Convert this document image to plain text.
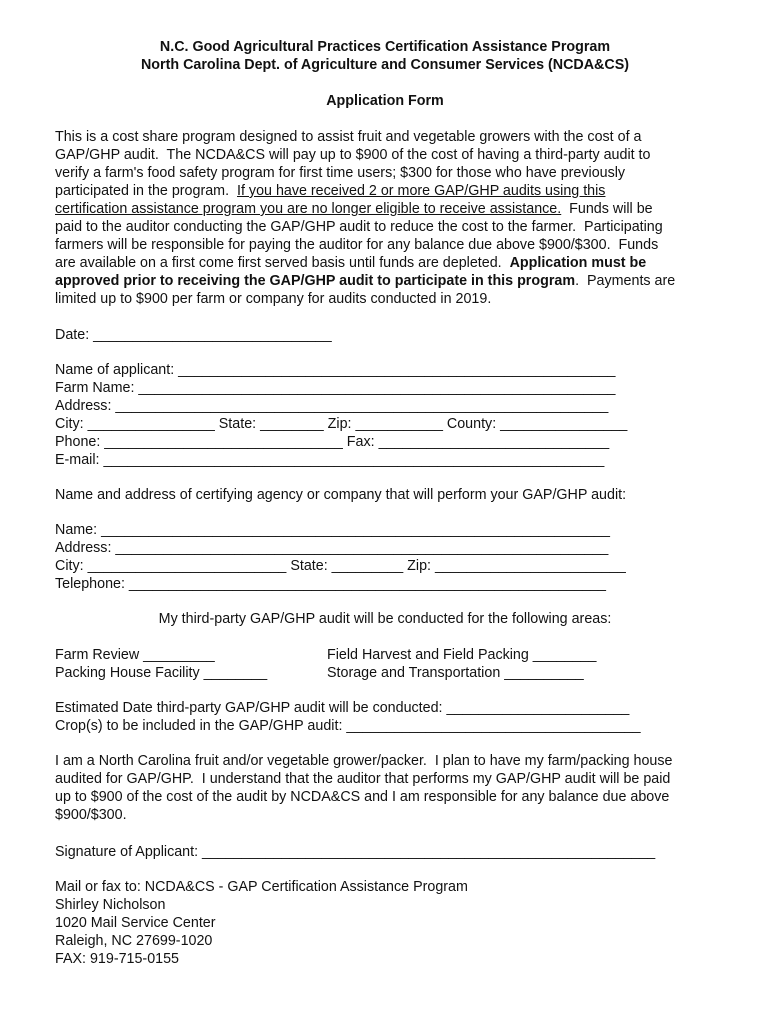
N.C. Good Agricultural Practices Certification Assistance Program
North Carolina Dept. of Agriculture and Consumer Services (NCDA&CS)
Application Form
This is a cost share program designed to assist fruit and vegetable growers with the cost of a
GAP/GHP audit.  The NCDA&CS will pay up to $900 of the cost of having a third-party audit to
verify a farm's food safety program for first time users; $300 for those who have previously
participated in the program.  If you have received 2 or more GAP/GHP audits using this
certification assistance program you are no longer eligible to receive assistance.  Funds will be
paid to the auditor conducting the GAP/GHP audit to reduce the cost to the farmer.  Participating
farmers will be responsible for paying the auditor for any balance due above $900/$300.  Funds
are available on a first come first served basis until funds are depleted.  Application must be
approved prior to receiving the GAP/GHP audit to participate in this program.  Payments are
limited up to $900 per farm or company for audits conducted in 2019.
Date: ______________________________
Name of applicant: _______________________________________________________
Farm Name: ____________________________________________________________
Address: ______________________________________________________________
City: ________________ State: ________ Zip: ___________ County: ________________
Phone: ______________________________ Fax: _____________________________
E-mail: _______________________________________________________________
Name and address of certifying agency or company that will perform your GAP/GHP audit:
Name: ________________________________________________________________
Address: ______________________________________________________________
City: _________________________ State: _________ Zip: ________________________
Telephone: ____________________________________________________________
My third-party GAP/GHP audit will be conducted for the following areas:
Farm Review _________
Packing House Facility ________
Field Harvest and Field Packing ________
Storage and Transportation __________
Estimated Date third-party GAP/GHP audit will be conducted: _______________________
Crop(s) to be included in the GAP/GHP audit: _____________________________________
I am a North Carolina fruit and/or vegetable grower/packer.  I plan to have my farm/packing house
audited for GAP/GHP.  I understand that the auditor that performs my GAP/GHP audit will be paid
up to $900 of the cost of the audit by NCDA&CS and I am responsible for any balance due above
$900/$300.
Signature of Applicant: _________________________________________________________
Mail or fax to: NCDA&CS - GAP Certification Assistance Program
Shirley Nicholson
1020 Mail Service Center
Raleigh, NC 27699-1020
FAX: 919-715-0155
